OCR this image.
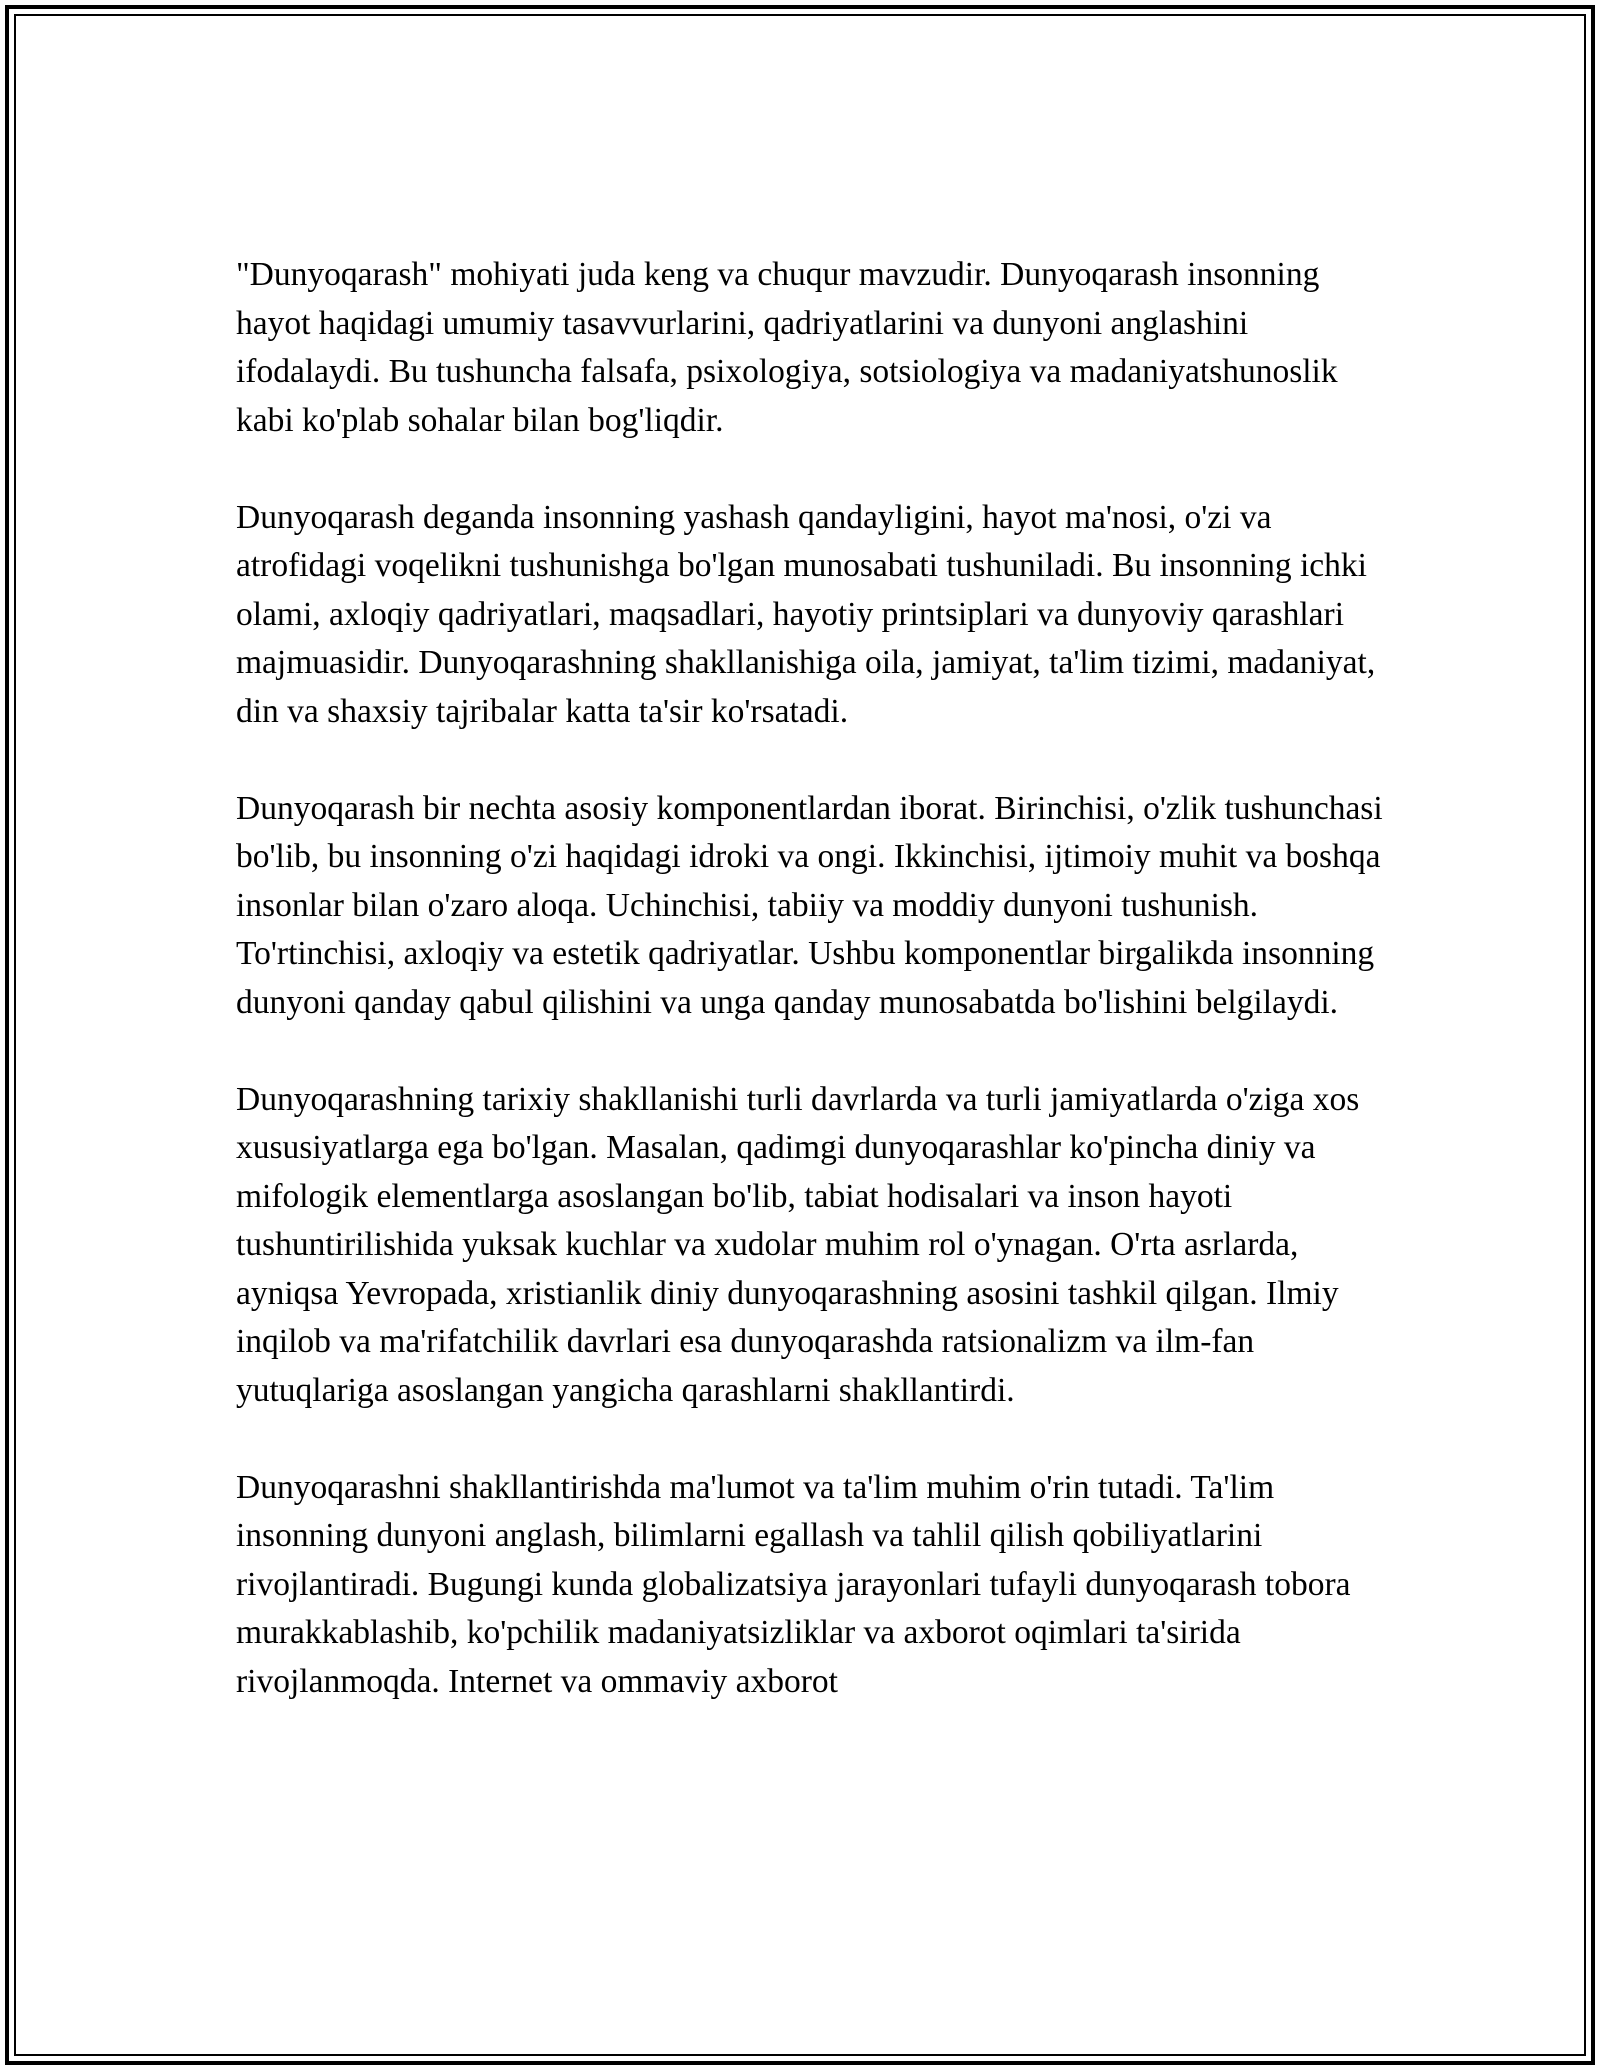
"Dunyoqarash" mohiyati juda keng va chuqur mavzudir. Dunyoqarash insonning hayot haqidagi umumiy tasavvurlarini, qadriyatlarini va dunyoni anglashini ifodalaydi. Bu tushuncha falsafa, psixologiya, sotsiologiya va madaniyatshunoslik kabi ko'plab sohalar bilan bog'liqdir.

Dunyoqarash deganda insonning yashash qandayligini, hayot ma'nosi, o'zi va atrofidagi voqelikni tushunishga bo'lgan munosabati tushuniladi. Bu insonning ichki olami, axloqiy qadriyatlari, maqsadlari, hayotiy printsiplari va dunyoviy qarashlari majmuasidir. Dunyoqarashning shakllanishiga oila, jamiyat, ta'lim tizimi, madaniyat, din va shaxsiy tajribalar katta ta'sir ko'rsatadi.

Dunyoqarash bir nechta asosiy komponentlardan iborat. Birinchisi, o'zlik tushunchasi bo'lib, bu insonning o'zi haqidagi idroki va ongi. Ikkinchisi, ijtimoiy muhit va boshqa insonlar bilan o'zaro aloqa. Uchinchisi, tabiiy va moddiy dunyoni tushunish. To'rtinchisi, axloqiy va estetik qadriyatlar. Ushbu komponentlar birgalikda insonning dunyoni qanday qabul qilishini va unga qanday munosabatda bo'lishini belgilaydi.

Dunyoqarashning tarixiy shakllanishi turli davrlarda va turli jamiyatlarda o'ziga xos xususiyatlarga ega bo'lgan. Masalan, qadimgi dunyoqarashlar ko'pincha diniy va mifologik elementlarga asoslangan bo'lib, tabiat hodisalari va inson hayoti tushuntirilishida yuksak kuchlar va xudolar muhim rol o'ynagan. O'rta asrlarda, ayniqsa Yevropada, xristianlik diniy dunyoqarashning asosini tashkil qilgan. Ilmiy inqilob va ma'rifatchilik davrlari esa dunyoqarashda ratsionalizm va ilm-fan yutuqlariga asoslangan yangicha qarashlarni shakllantirdi.

Dunyoqarashni shakllantirishda ma'lumot va ta'lim muhim o'rin tutadi. Ta'lim insonning dunyoni anglash, bilimlarni egallash va tahlil qilish qobiliyatlarini rivojlantiradi. Bugungi kunda globalizatsiya jarayonlari tufayli dunyoqarash tobora murakkablashib, ko'pchilik madaniyatsizliklar va axborot oqimlari ta'sirida rivojlanmoqda. Internet va ommaviy axborot
